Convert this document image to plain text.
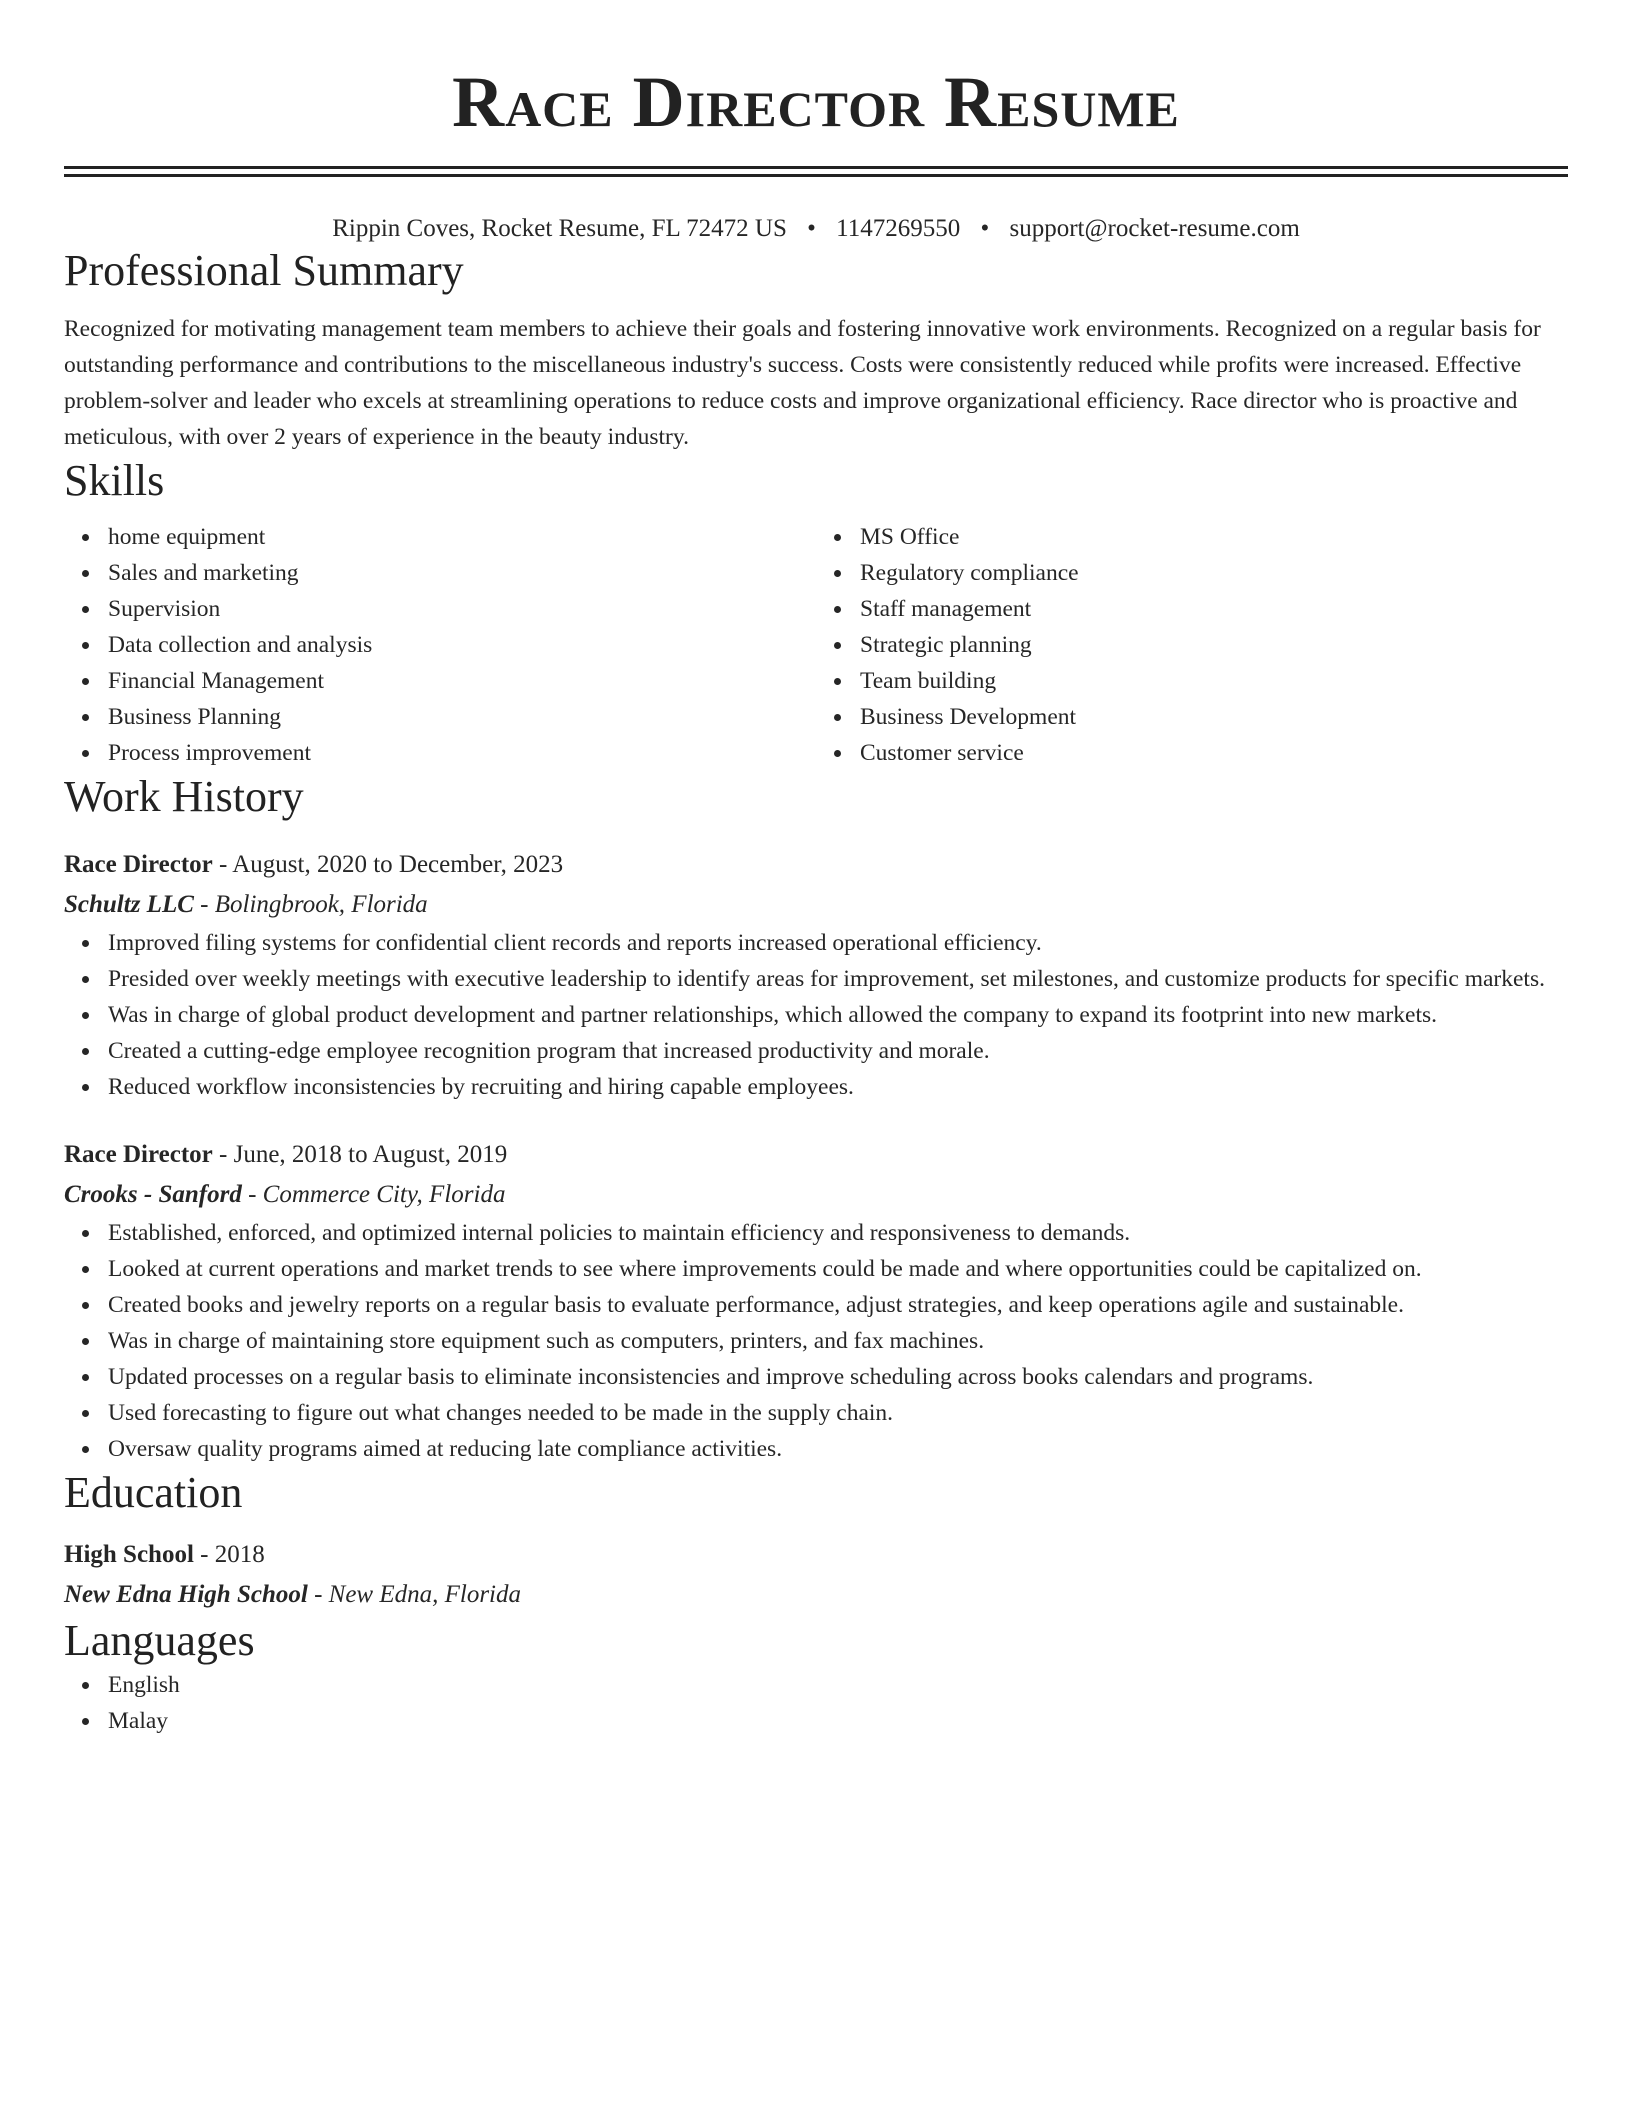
Race Director Resume
Rippin Coves, Rocket Resume, FL 72472 US • 1147269550 • support@rocket-resume.com
Professional Summary
Recognized for motivating management team members to achieve their goals and fostering innovative work environments. Recognized on a regular basis for outstanding performance and contributions to the miscellaneous industry's success. Costs were consistently reduced while profits were increased. Effective problem-solver and leader who excels at streamlining operations to reduce costs and improve organizational efficiency. Race director who is proactive and meticulous, with over 2 years of experience in the beauty industry.
Skills
home equipment
Sales and marketing
Supervision
Data collection and analysis
Financial Management
Business Planning
Process improvement
MS Office
Regulatory compliance
Staff management
Strategic planning
Team building
Business Development
Customer service
Work History
Race Director - August, 2020 to December, 2023
Schultz LLC - Bolingbrook, Florida
Improved filing systems for confidential client records and reports increased operational efficiency.
Presided over weekly meetings with executive leadership to identify areas for improvement, set milestones, and customize products for specific markets.
Was in charge of global product development and partner relationships, which allowed the company to expand its footprint into new markets.
Created a cutting-edge employee recognition program that increased productivity and morale.
Reduced workflow inconsistencies by recruiting and hiring capable employees.
Race Director - June, 2018 to August, 2019
Crooks - Sanford - Commerce City, Florida
Established, enforced, and optimized internal policies to maintain efficiency and responsiveness to demands.
Looked at current operations and market trends to see where improvements could be made and where opportunities could be capitalized on.
Created books and jewelry reports on a regular basis to evaluate performance, adjust strategies, and keep operations agile and sustainable.
Was in charge of maintaining store equipment such as computers, printers, and fax machines.
Updated processes on a regular basis to eliminate inconsistencies and improve scheduling across books calendars and programs.
Used forecasting to figure out what changes needed to be made in the supply chain.
Oversaw quality programs aimed at reducing late compliance activities.
Education
High School - 2018
New Edna High School - New Edna, Florida
Languages
English
Malay
